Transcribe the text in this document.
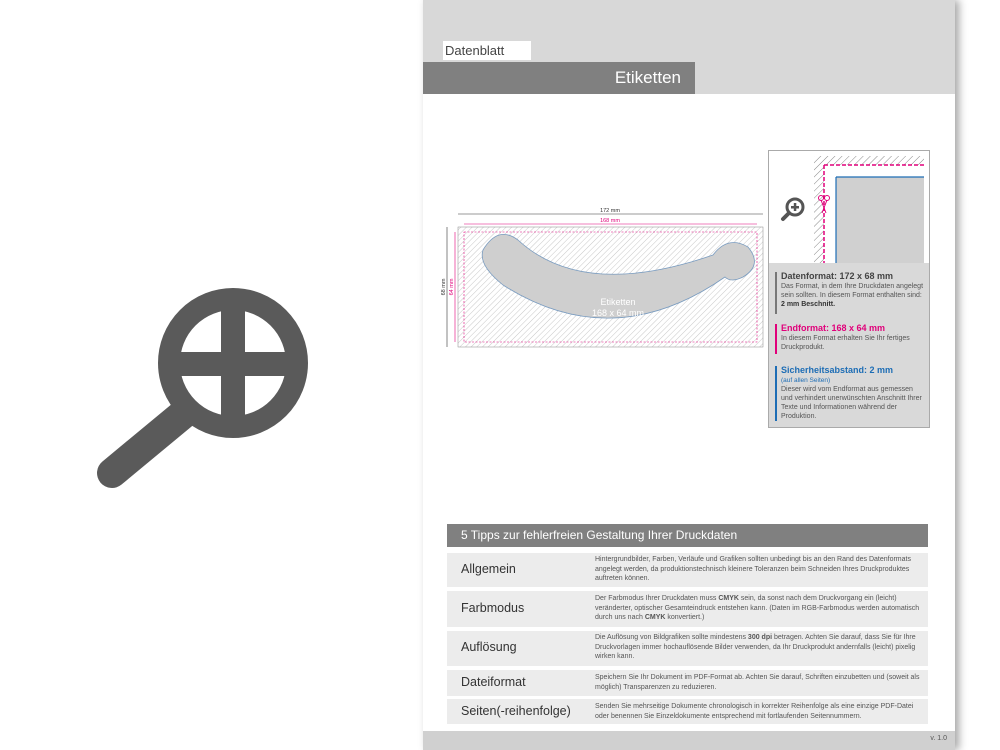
Datenblatt
Etiketten
172 mm
168 mm
68 mm 64 mm
Etiketten
168 x 64 mm
Datenformat: 172 x 68 mm
Das Format, in dem Ihre Druckdaten angelegt sein sollten. In diesem Format enthalten sind: 2 mm Beschnitt.
Endformat: 168 x 64 mm
In diesem Format erhalten Sie Ihr fertiges Druckprodukt.
Sicherheitsabstand: 2 mm
(auf allen Seiten)
Dieser wird vom Endformat aus gemessen und verhindert unerwünschten Anschnitt Ihrer Texte und Informationen während der Produktion.
5 Tipps zur fehlerfreien Gestaltung Ihrer Druckdaten
Allgemein
Hintergrundbilder, Farben, Verläufe und Grafiken sollten unbedingt bis an den Rand des Datenformats angelegt werden, da produktionstechnisch kleinere Toleranzen beim Schneiden Ihres Druckproduktes auftreten können.
Farbmodus
Der Farbmodus Ihrer Druckdaten muss CMYK sein, da sonst nach dem Druckvorgang ein (leicht) veränderter, optischer Gesamteindruck entstehen kann. (Daten im RGB-Farbmodus werden automatisch durch uns nach CMYK konvertiert.)
Auflösung
Die Auflösung von Bildgrafiken sollte mindestens 300 dpi betragen. Achten Sie darauf, dass Sie für Ihre Druckvorlagen immer hochauflösende Bilder verwenden, da Ihr Druckprodukt andernfalls (leicht) pixelig wirken kann.
Dateiformat	Speichern Sie Ihr Dokument im PDF-Format ab. Achten Sie darauf, Schriften einzubetten und (soweit als möglich) Transparenzen zu reduzieren.
Seiten(-reihenfolge)	Senden Sie mehrseitige Dokumente chronologisch in korrekter Reihenfolge als eine einzige PDF-Datei oder benennen Sie Einzeldokumente entsprechend mit fortlaufenden Seitennummern.
v. 1.0
